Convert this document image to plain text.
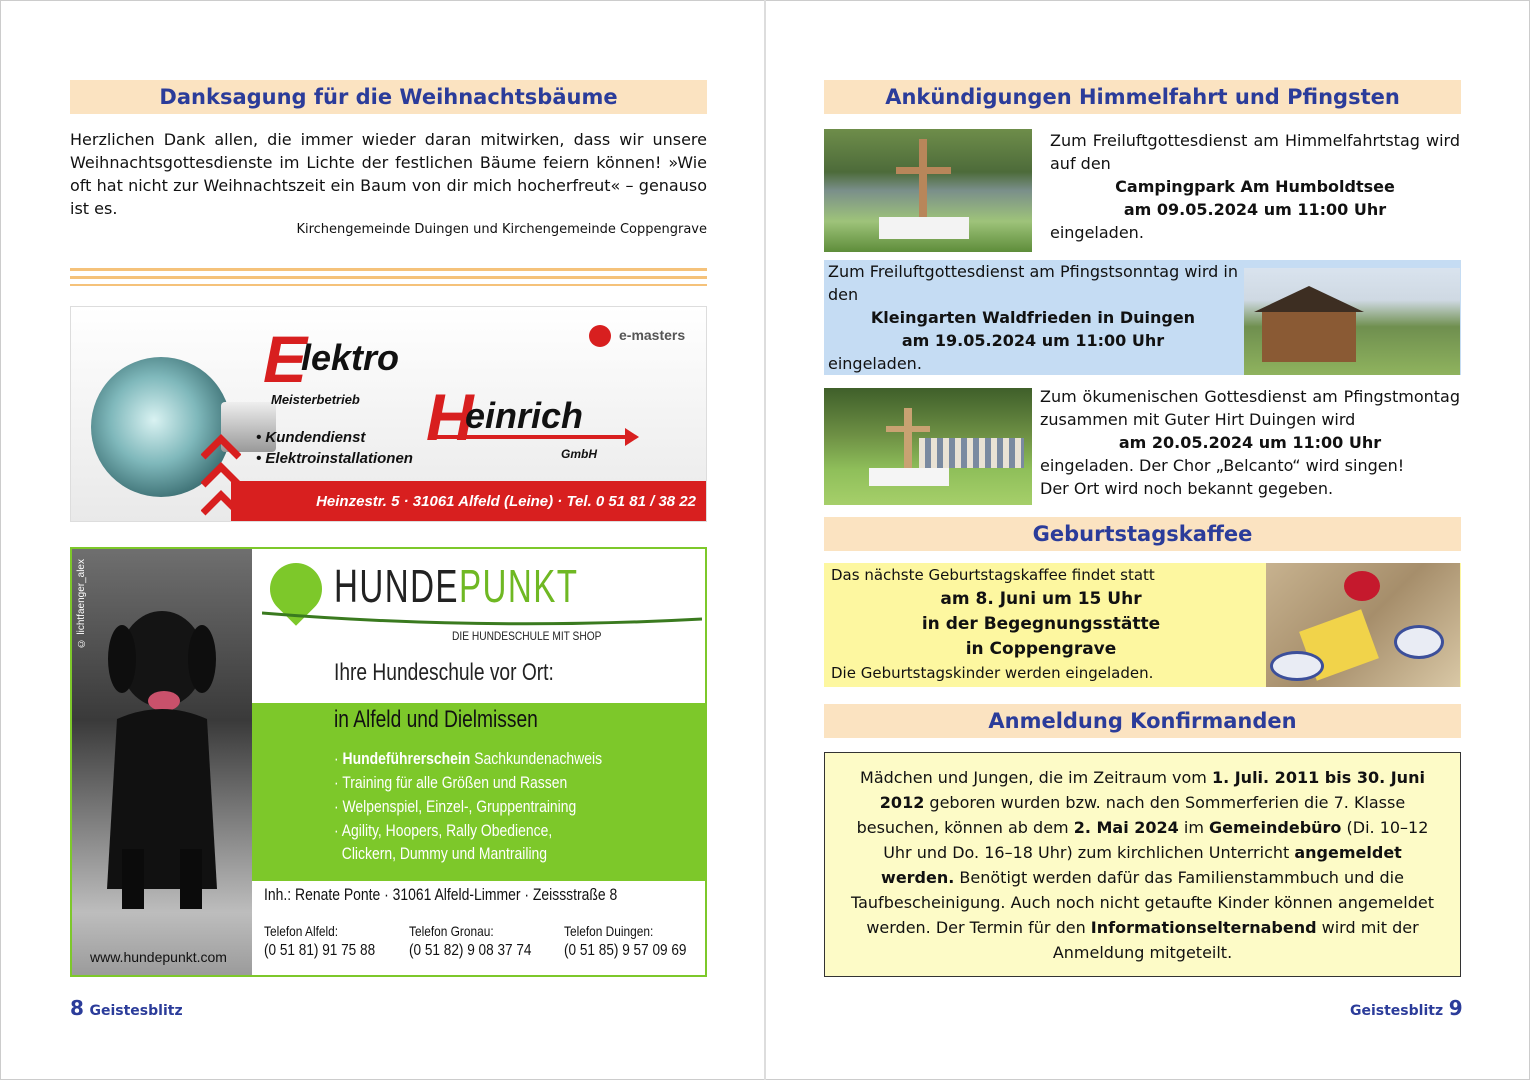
Danksagung für die Weihnachtsbäume
Herzlichen Dank allen, die immer wieder daran mitwirken, dass wir unsere Weihnachtsgottesdienste im Lichte der festlichen Bäume feiern können! »Wie oft hat nicht zur Weihnachtszeit ein Baum von dir mich hocherfreut« – genauso ist es.
Kirchengemeinde Duingen und Kirchengemeinde Coppengrave
e-masters
E
lektro
Meisterbetrieb H
einrich
GmbH
• Kundendienst
• Elektroinstallationen
Heinzestr. 5 · 31061 Alfeld (Leine) · Tel. 0 51 81 / 38 22
© lichtfaenger_alex
www.hundepunkt.com
HUNDEPUNKT
DIE HUNDESCHULE MIT SHOP
Ihre Hundeschule vor Ort:
in Alfeld und Dielmissen
· Hundeführerschein Sachkundenachweis
· Training für alle Größen und Rassen
· Welpenspiel, Einzel-, Gruppentraining
· Agility, Hoopers, Rally Obedience,
Clickern, Dummy und Mantrailing
Inh.: Renate Ponte · 31061 Alfeld-Limmer · Zeissstraße 8
Telefon Alfeld:
(0 51 81) 91 75 88
Telefon Gronau:
(0 51 82) 9 08 37 74
Telefon Duingen:
(0 51 85) 9 57 09 69
8 Geistesblitz
Ankündigungen Himmelfahrt und Pfingsten
Zum Freiluftgottesdienst am Himmelfahrtstag wird auf den
Campingpark Am Humboldtsee
am 09.05.2024 um 11:00 Uhr
eingeladen.
Zum Freiluftgottesdienst am Pfingstsonntag wird in den
Kleingarten Waldfrieden in Duingen
am 19.05.2024 um 11:00 Uhr
eingeladen.
Zum ökumenischen Gottesdienst am Pfingstmontag zusammen mit Guter Hirt Duingen wird
am 20.05.2024 um 11:00 Uhr
eingeladen. Der Chor „Belcanto“ wird singen!
Der Ort wird noch bekannt gegeben.
Geburtstagskaffee
Das nächste Geburtstagskaffee findet statt
am 8. Juni um 15 Uhr
in der Begegnungsstätte
in Coppengrave
Die Geburtstagskinder werden eingeladen.
Anmeldung Konfirmanden
Mädchen und Jungen, die im Zeitraum vom 1. Juli. 2011 bis 30. Juni 2012 geboren wurden bzw. nach den Sommerferien die 7. Klasse besuchen, können ab dem 2. Mai 2024 im Gemeindebüro (Di. 10–12 Uhr und Do. 16–18 Uhr) zum kirchlichen Unterricht angemeldet werden. Benötigt werden dafür das Familienstammbuch und die Taufbescheinigung. Auch noch nicht getaufte Kinder können angemeldet werden. Der Termin für den Informationselternabend wird mit der Anmeldung mitgeteilt.
Geistesblitz 9
